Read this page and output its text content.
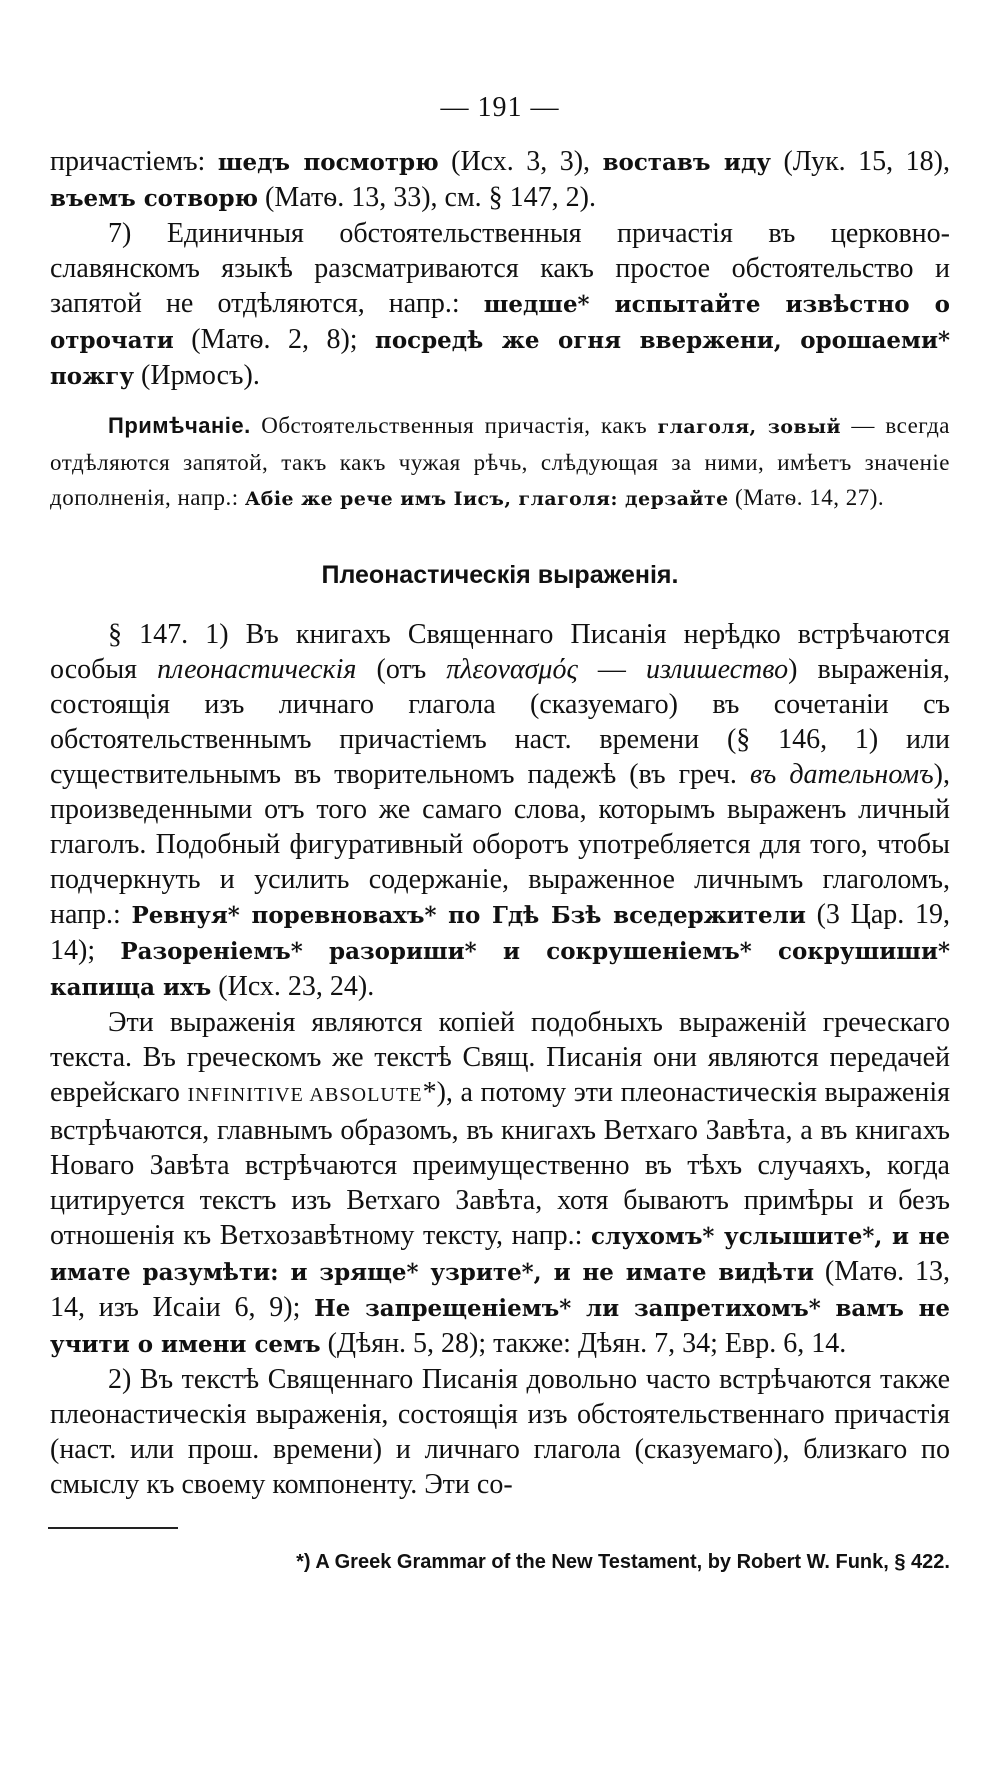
— 191 —

причастіемъ: шедъ посмотрю (Исх. 3, 3), воставъ иду (Лук. 15, 18), въемъ сотворю (Матѳ. 13, 33), см. § 147, 2).

7) Единичныя обстоятельственныя причастія въ церковно-славянскомъ языкѣ разсматриваются какъ простое обстоятельство и запятой не отдѣляются, напр.: шедше* испытайте извѣстно о отрочати (Матѳ. 2, 8); посредѣ же огня ввержени, орошаеми* пожгу (Ирмосъ).

Примѣчаніе. Обстоятельственныя причастія, какъ глаголя, зовый — всегда отдѣляются запятой, такъ какъ чужая рѣчь, слѣдующая за ними, имѣетъ значеніе дополненія, напр.: Абіе же рече имъ Іисъ, глаголя: дерзайте (Матѳ. 14, 27).
Плеонастическія выраженія.

§ 147. 1) Въ книгахъ Священнаго Писанія нерѣдко встрѣчаются особыя плеонастическія (отъ πλεονασμός — излишество) выраженія, состоящія изъ личнаго глагола (сказуемаго) въ сочетаніи съ обстоятельственнымъ причастіемъ наст. времени (§ 146, 1) или существительнымъ въ творительномъ падежѣ (въ греч. въ дательномъ), произведенными отъ того же самаго слова, которымъ выраженъ личный глаголъ. Подобный фигуративный оборотъ употребляется для того, чтобы подчеркнуть и усилить содержаніе, выраженное личнымъ глаголомъ, напр.: Ревнуя* поревновахъ* по Гдѣ Бзѣ вседержители (3 Цар. 19, 14); Разореніемъ* разориши* и сокрушеніемъ* сокрушиши* капища ихъ (Исх. 23, 24).

Эти выраженія являются копіей подобныхъ выраженій греческаго текста. Въ греческомъ же текстѣ Свящ. Писанія они являются передачей еврейскаго INFINITIVE ABSOLUTE*), а потому эти плеонастическія выраженія встрѣчаются, главнымъ образомъ, въ книгахъ Ветхаго Завѣта, а въ книгахъ Новаго Завѣта встрѣчаются преимущественно въ тѣхъ случаяхъ, когда цитируется текстъ изъ Ветхаго Завѣта, хотя бываютъ примѣры и безъ отношенія къ Ветхозавѣтному тексту, напр.: слухомъ* услышите*, и не имате разумѣти: и зряще* узрите*, и не имате видѣти (Матѳ. 13, 14, изъ Исаіи 6, 9); Не запрещеніемъ* ли запретихомъ* вамъ не учити о имени семъ (Дѣян. 5, 28); также: Дѣян. 7, 34; Евр. 6, 14.

2) Въ текстѣ Священнаго Писанія довольно часто встрѣчаются также плеонастическія выраженія, состоящія изъ обстоятельственнаго причастія (наст. или прош. времени) и личнаго глагола (сказуемаго), близкаго по смыслу къ своему компоненту. Эти со-

*) A Greek Grammar of the New Testament, by Robert W. Funk, § 422.
